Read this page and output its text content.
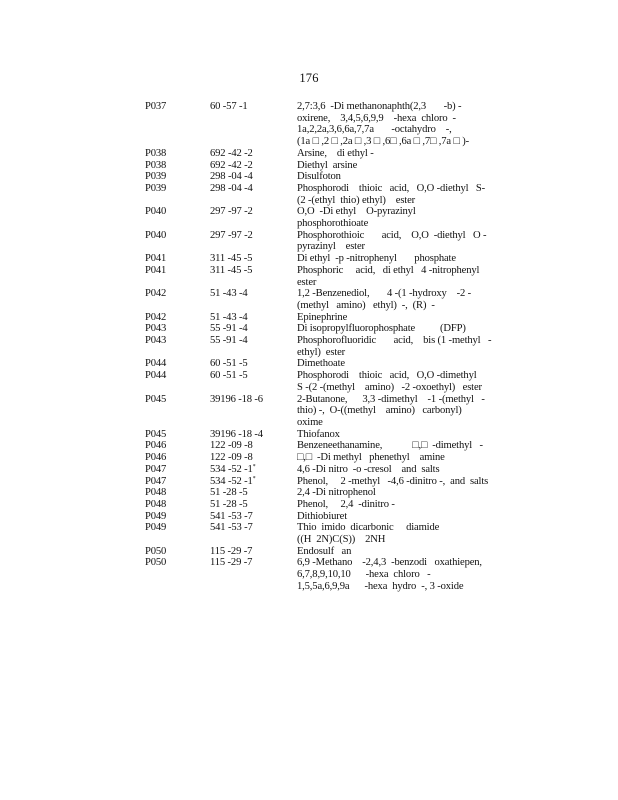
176
P037	60 -57 -1	2,7:3,6  -Di methanonaphth(2,3       -b) -
oxirene,    3,4,5,6,9,9    -hexa  chloro  -
1a,2,2a,3,6,6a,7,7a       -octahydro    -,
(1a □ ,2 □ ,2a □ ,3 □ ,6□ ,6a □ ,7□ ,7a □ )-
P038	692 -42 -2	Arsine,    di ethyl -
P038	692 -42 -2	Diethyl  arsine
P039	298 -04 -4	Disulfoton
P039	298 -04 -4	Phosphorodi    thioic   acid,   O,O -diethyl   S-
(2 -(ethyl  thio) ethyl)    ester
P040	297 -97 -2	O,O  -Di ethyl    O-pyrazinyl
phosphorothioate
P040	297 -97 -2	Phosphorothioic       acid,    O,O  -diethyl   O -
pyrazinyl    ester
P041	311 -45 -5	Di ethyl  -p -nitrophenyl       phosphate
P041	311 -45 -5	Phosphoric     acid,   di ethyl   4 -nitrophenyl
ester
P042	51 -43 -4	1,2 -Benzenediol,       4 -(1 -hydroxy    -2 -
(methyl   amino)   ethyl)  -,  (R)  -
P042	51 -43 -4	Epinephrine
P043	55 -91 -4	Di isopropylfluorophosphate          (DFP)
P043	55 -91 -4	Phosphorofluoridic       acid,    bis (1 -methyl   -
ethyl)  ester
P044	60 -51 -5	Dimethoate
P044	60 -51 -5	Phosphorodi    thioic   acid,   O,O -dimethyl
S -(2 -(methyl    amino)   -2 -oxoethyl)   ester
P045	39196 -18 -6	2-Butanone,      3,3 -dimethyl    -1 -(methyl   -
thio) -,  O-((methyl    amino)   carbonyl)
oxime
P045	39196 -18 -4	Thiofanox
P046	122 -09 -8	Benzeneethanamine,            □,□  -dimethyl   -
P046	122 -09 -8	□,□  -Di methyl   phenethyl    amine
P047	534 -52 -1*	4,6 -Di nitro  -o -cresol    and  salts
P047	534 -52 -1*	Phenol,     2 -methyl   -4,6 -dinitro -,  and  salts
P048	51 -28 -5	2,4 -Di nitrophenol
P048	51 -28 -5	Phenol,     2,4  -dinitro -
P049	541 -53 -7	Dithiobiuret
P049	541 -53 -7	Thio  imido  dicarbonic     diamide
((H  2N)C(S))    2NH
P050	115 -29 -7	Endosulf   an
P050	115 -29 -7	6,9 -Methano    -2,4,3  -benzodi   oxathiepen,
6,7,8,9,10,10      -hexa  chloro   -
1,5,5a,6,9,9a      -hexa  hydro  -, 3 -oxide
